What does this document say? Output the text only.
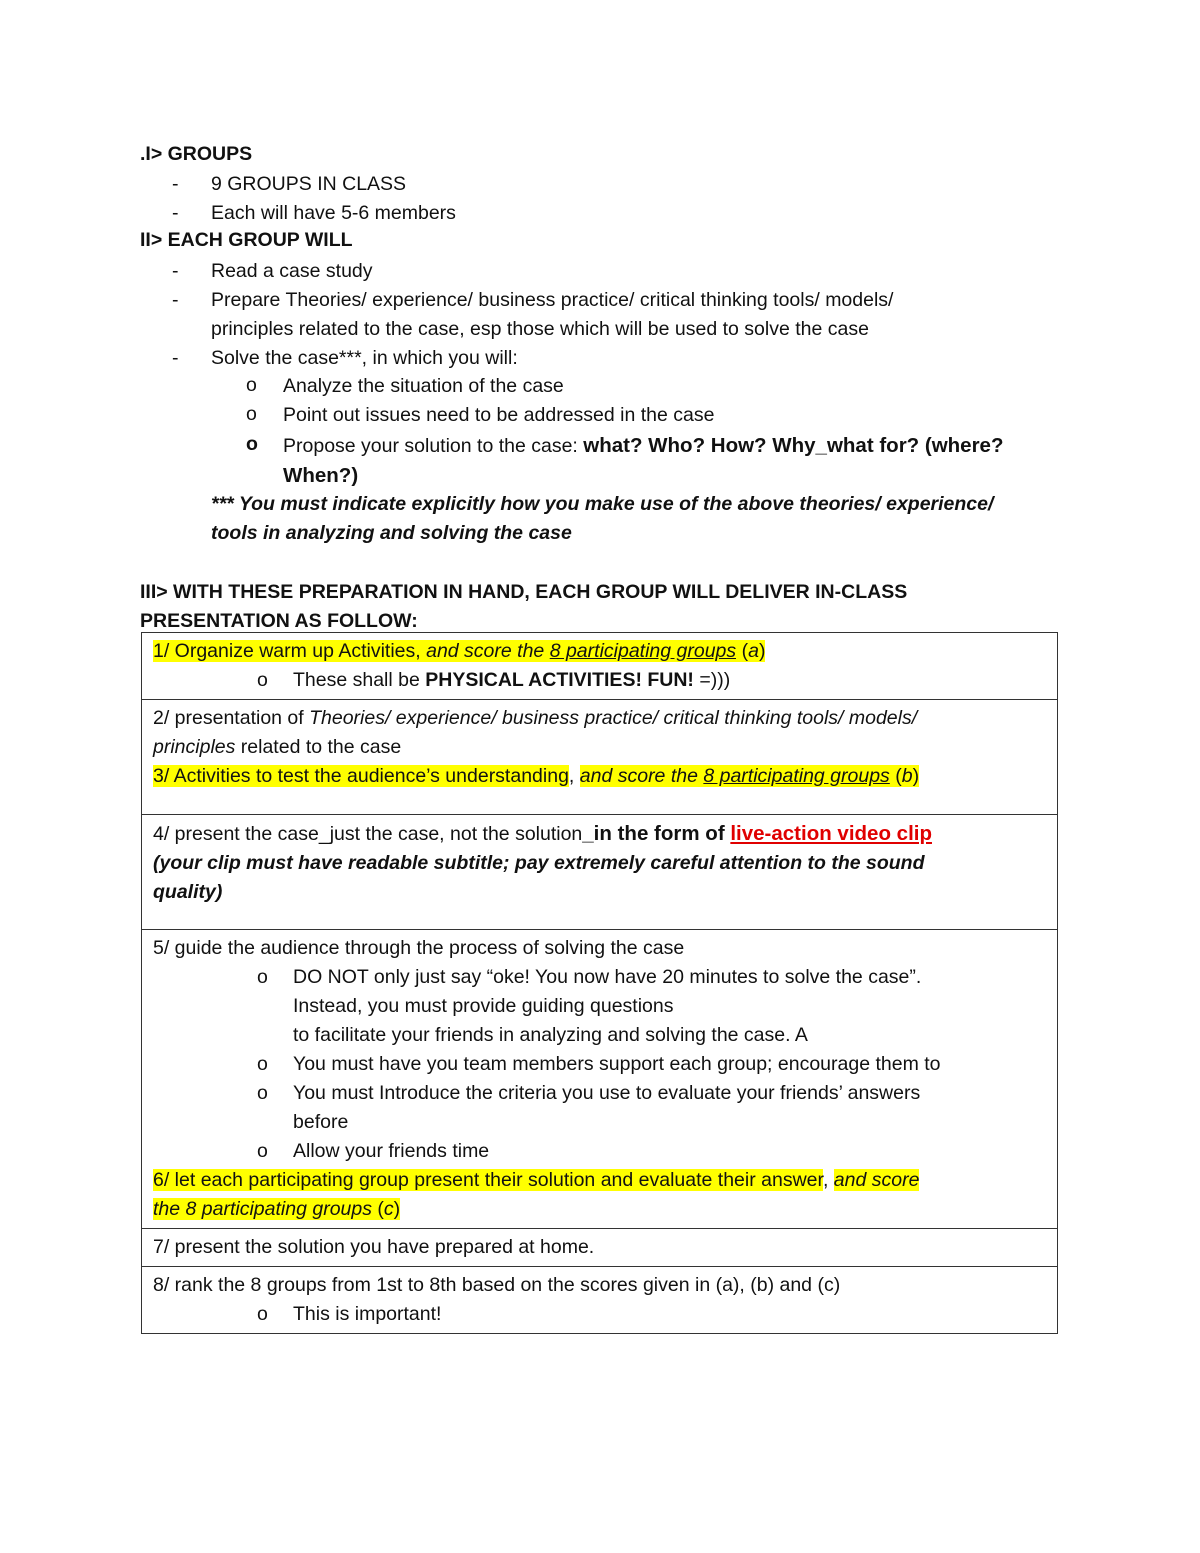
.I> GROUPS
- 9 GROUPS IN CLASS
- Each will have 5-6 members
II> EACH GROUP WILL
- Read a case study
- Prepare Theories/ experience/ business practice/ critical thinking tools/ models/
principles related to the case, esp those which will be used to solve the case
- Solve the case***, in which you will:
o Analyze the situation of the case
o Point out issues need to be addressed in the case
o Propose your solution to the case: what? Who? How? Why_what for? (where?
When?)
*** You must indicate explicitly how you make use of the above theories/ experience/
tools in analyzing and solving the case
III> WITH THESE PREPARATION IN HAND, EACH GROUP WILL DELIVER IN-CLASS
PRESENTATION AS FOLLOW:
1/ Organize warm up Activities, and score the 8 participating groups (a)
o	These shall be PHYSICAL ACTIVITIES! FUN! =)))

2/ presentation of Theories/ experience/ business practice/ critical thinking tools/ models/
principles related to the case
3/ Activities to test the audience’s understanding, and score the 8 participating groups (b)

4/ present the case_just the case, not the solution_in the form of live-action video clip
(your clip must have readable subtitle; pay extremely careful attention to the sound
quality)

5/ guide the audience through the process of solving the case
o	DO NOT only just say “oke! You now have 20 minutes to solve the case”.
Instead, you must provide guiding questions
to facilitate your friends in analyzing and solving the case. A
o	You must have you team members support each group; encourage them to
o	You must Introduce the criteria you use to evaluate your friends’ answers
before
o	Allow your friends time
6/ let each participating group present their solution and evaluate their answer, and score
the 8 participating groups (c)

7/ present the solution you have prepared at home.

8/ rank the 8 groups from 1st to 8th based on the scores given in (a), (b) and (c)
o	This is important!
